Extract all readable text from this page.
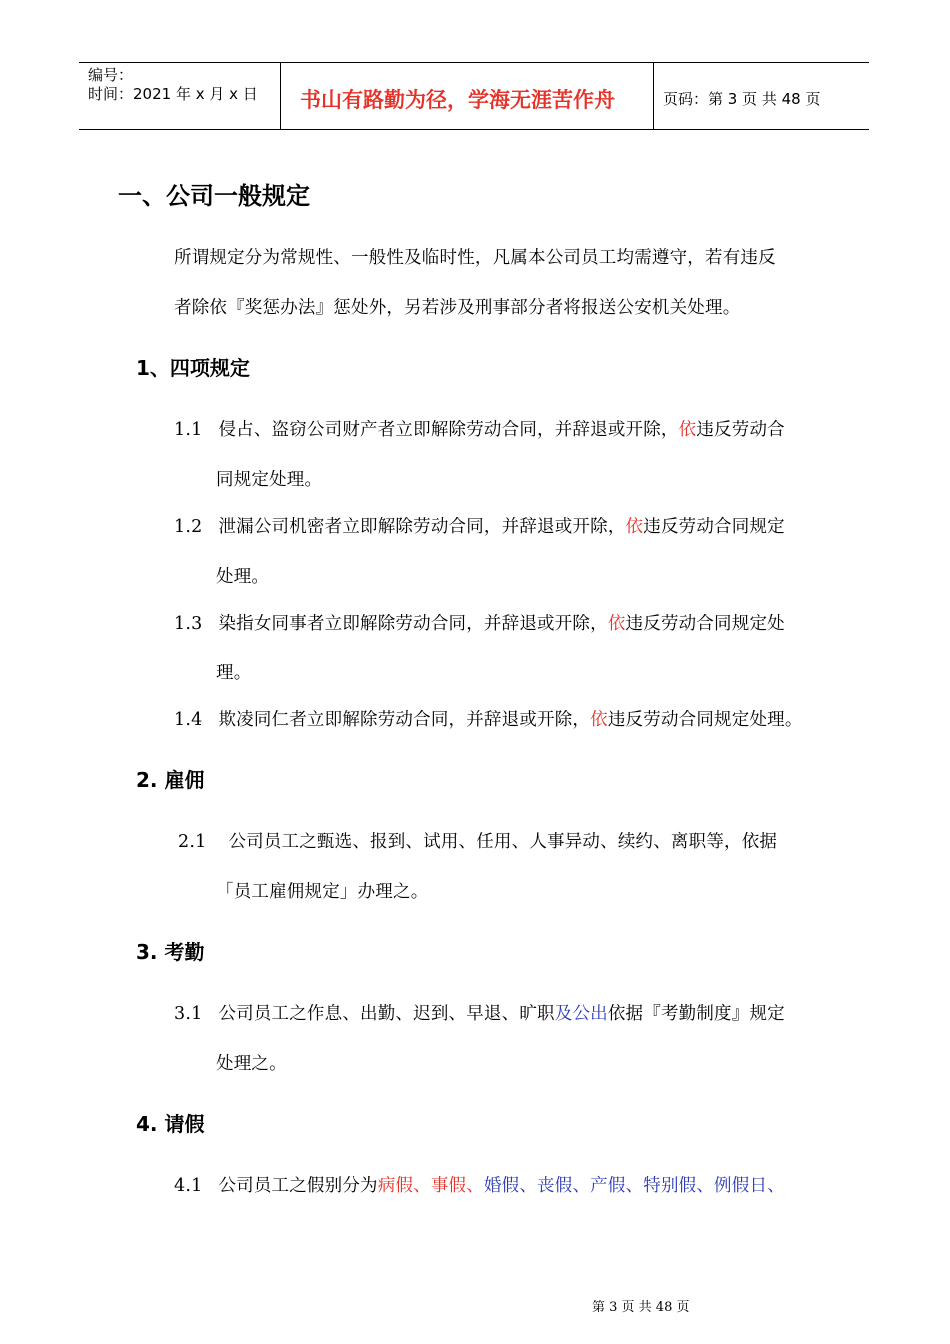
编号：
时间：2021 年 x 月 x 日 书山有路勤为径，学海无涯苦作舟	页码：第 3 页 共 48 页
一、公司一般规定
所谓规定分为常规性、一般性及临时性，凡属本公司员工均需遵守，若有违反
者除依『奖惩办法』惩处外，另若涉及刑事部分者将报送公安机关处理。
1、四项规定
1.1 侵占、盗窃公司财产者立即解除劳动合同，并辞退或开除，依违反劳动合
同规定处理。
1.2 泄漏公司机密者立即解除劳动合同，并辞退或开除，依违反劳动合同规定
处理。
1.3 染指女同事者立即解除劳动合同，并辞退或开除，依违反劳动合同规定处
理。
1.4 欺凌同仁者立即解除劳动合同，并辞退或开除，依违反劳动合同规定处理。
2. 雇佣
2.1 公司员工之甄选、报到、试用、任用、人事异动、续约、离职等，依据
「员工雇佣规定」办理之。
3. 考勤
3.1 公司员工之作息、出勤、迟到、早退、旷职及公出依据『考勤制度』规定
处理之。
4. 请假
4.1 公司员工之假别分为病假、事假、婚假、丧假、产假、特别假、例假日、
第 3 页 共 48 页
